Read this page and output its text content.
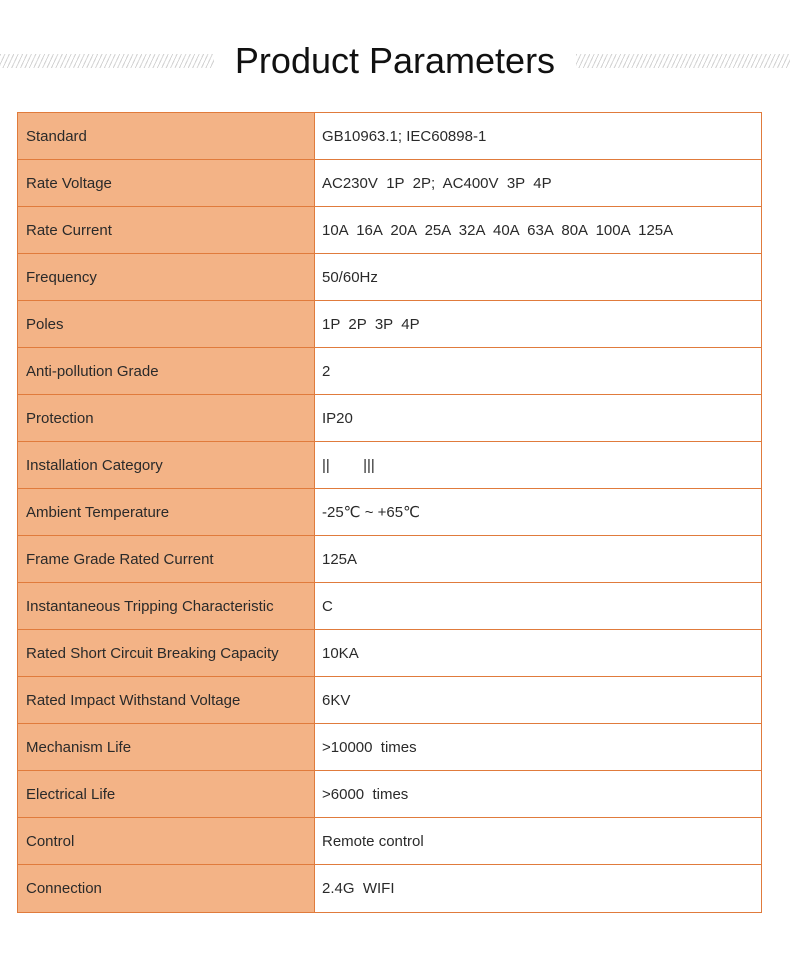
Product Parameters
Standard	GB10963.1; IEC60898-1
Rate Voltage	AC230V  1P  2P;  AC400V  3P  4P
Rate Current	10A  16A  20A  25A  32A  40A  63A  80A  100A  125A
Frequency	50/60Hz
Poles	1P  2P  3P  4P
Anti-pollution Grade	2
Protection	IP20
Installation Category	||        |||
Ambient Temperature	-25℃ ~ +65℃
Frame Grade Rated Current	125A
Instantaneous Tripping Characteristic	C
Rated Short Circuit Breaking Capacity	10KA
Rated Impact Withstand Voltage	6KV
Mechanism Life	>10000  times
Electrical Life	>6000  times
Control	Remote control
Connection	2.4G  WIFI
